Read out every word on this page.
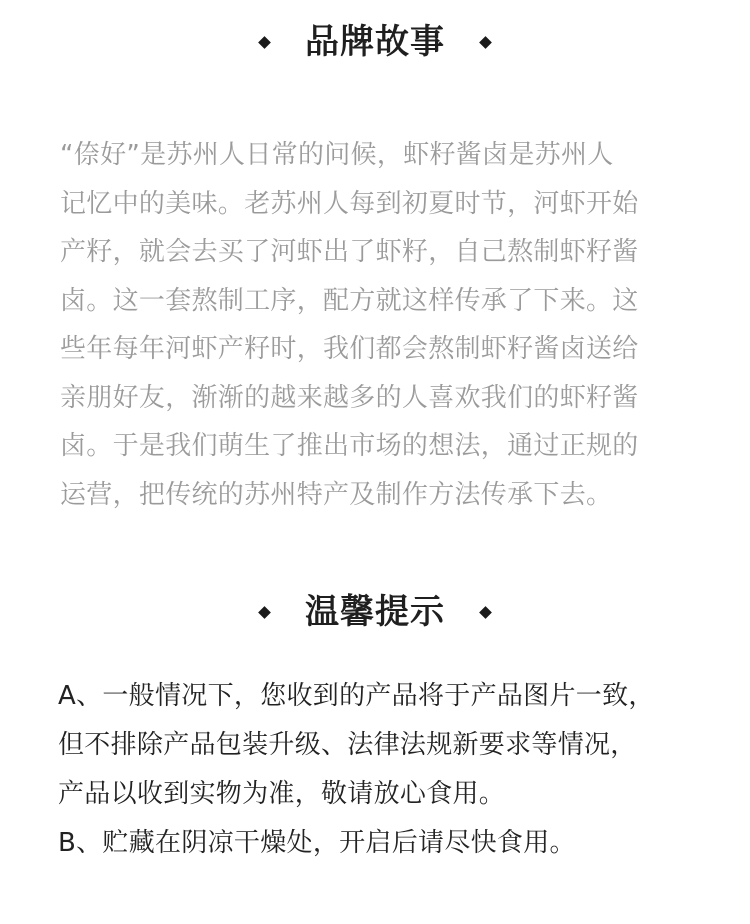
品牌故事
“倷好”是苏州人日常的问候，虾籽酱卤是苏州人
记忆中的美味。老苏州人每到初夏时节，河虾开始
产籽，就会去买了河虾出了虾籽，自己熬制虾籽酱
卤。这一套熬制工序，配方就这样传承了下来。这
些年每年河虾产籽时，我们都会熬制虾籽酱卤送给
亲朋好友，渐渐的越来越多的人喜欢我们的虾籽酱
卤。于是我们萌生了推出市场的想法，通过正规的
运营，把传统的苏州特产及制作方法传承下去。
温馨提示
A、一般情况下，您收到的产品将于产品图片一致，
但不排除产品包装升级、法律法规新要求等情况，
产品以收到实物为准，敬请放心食用。
B、贮藏在阴凉干燥处，开启后请尽快食用。
